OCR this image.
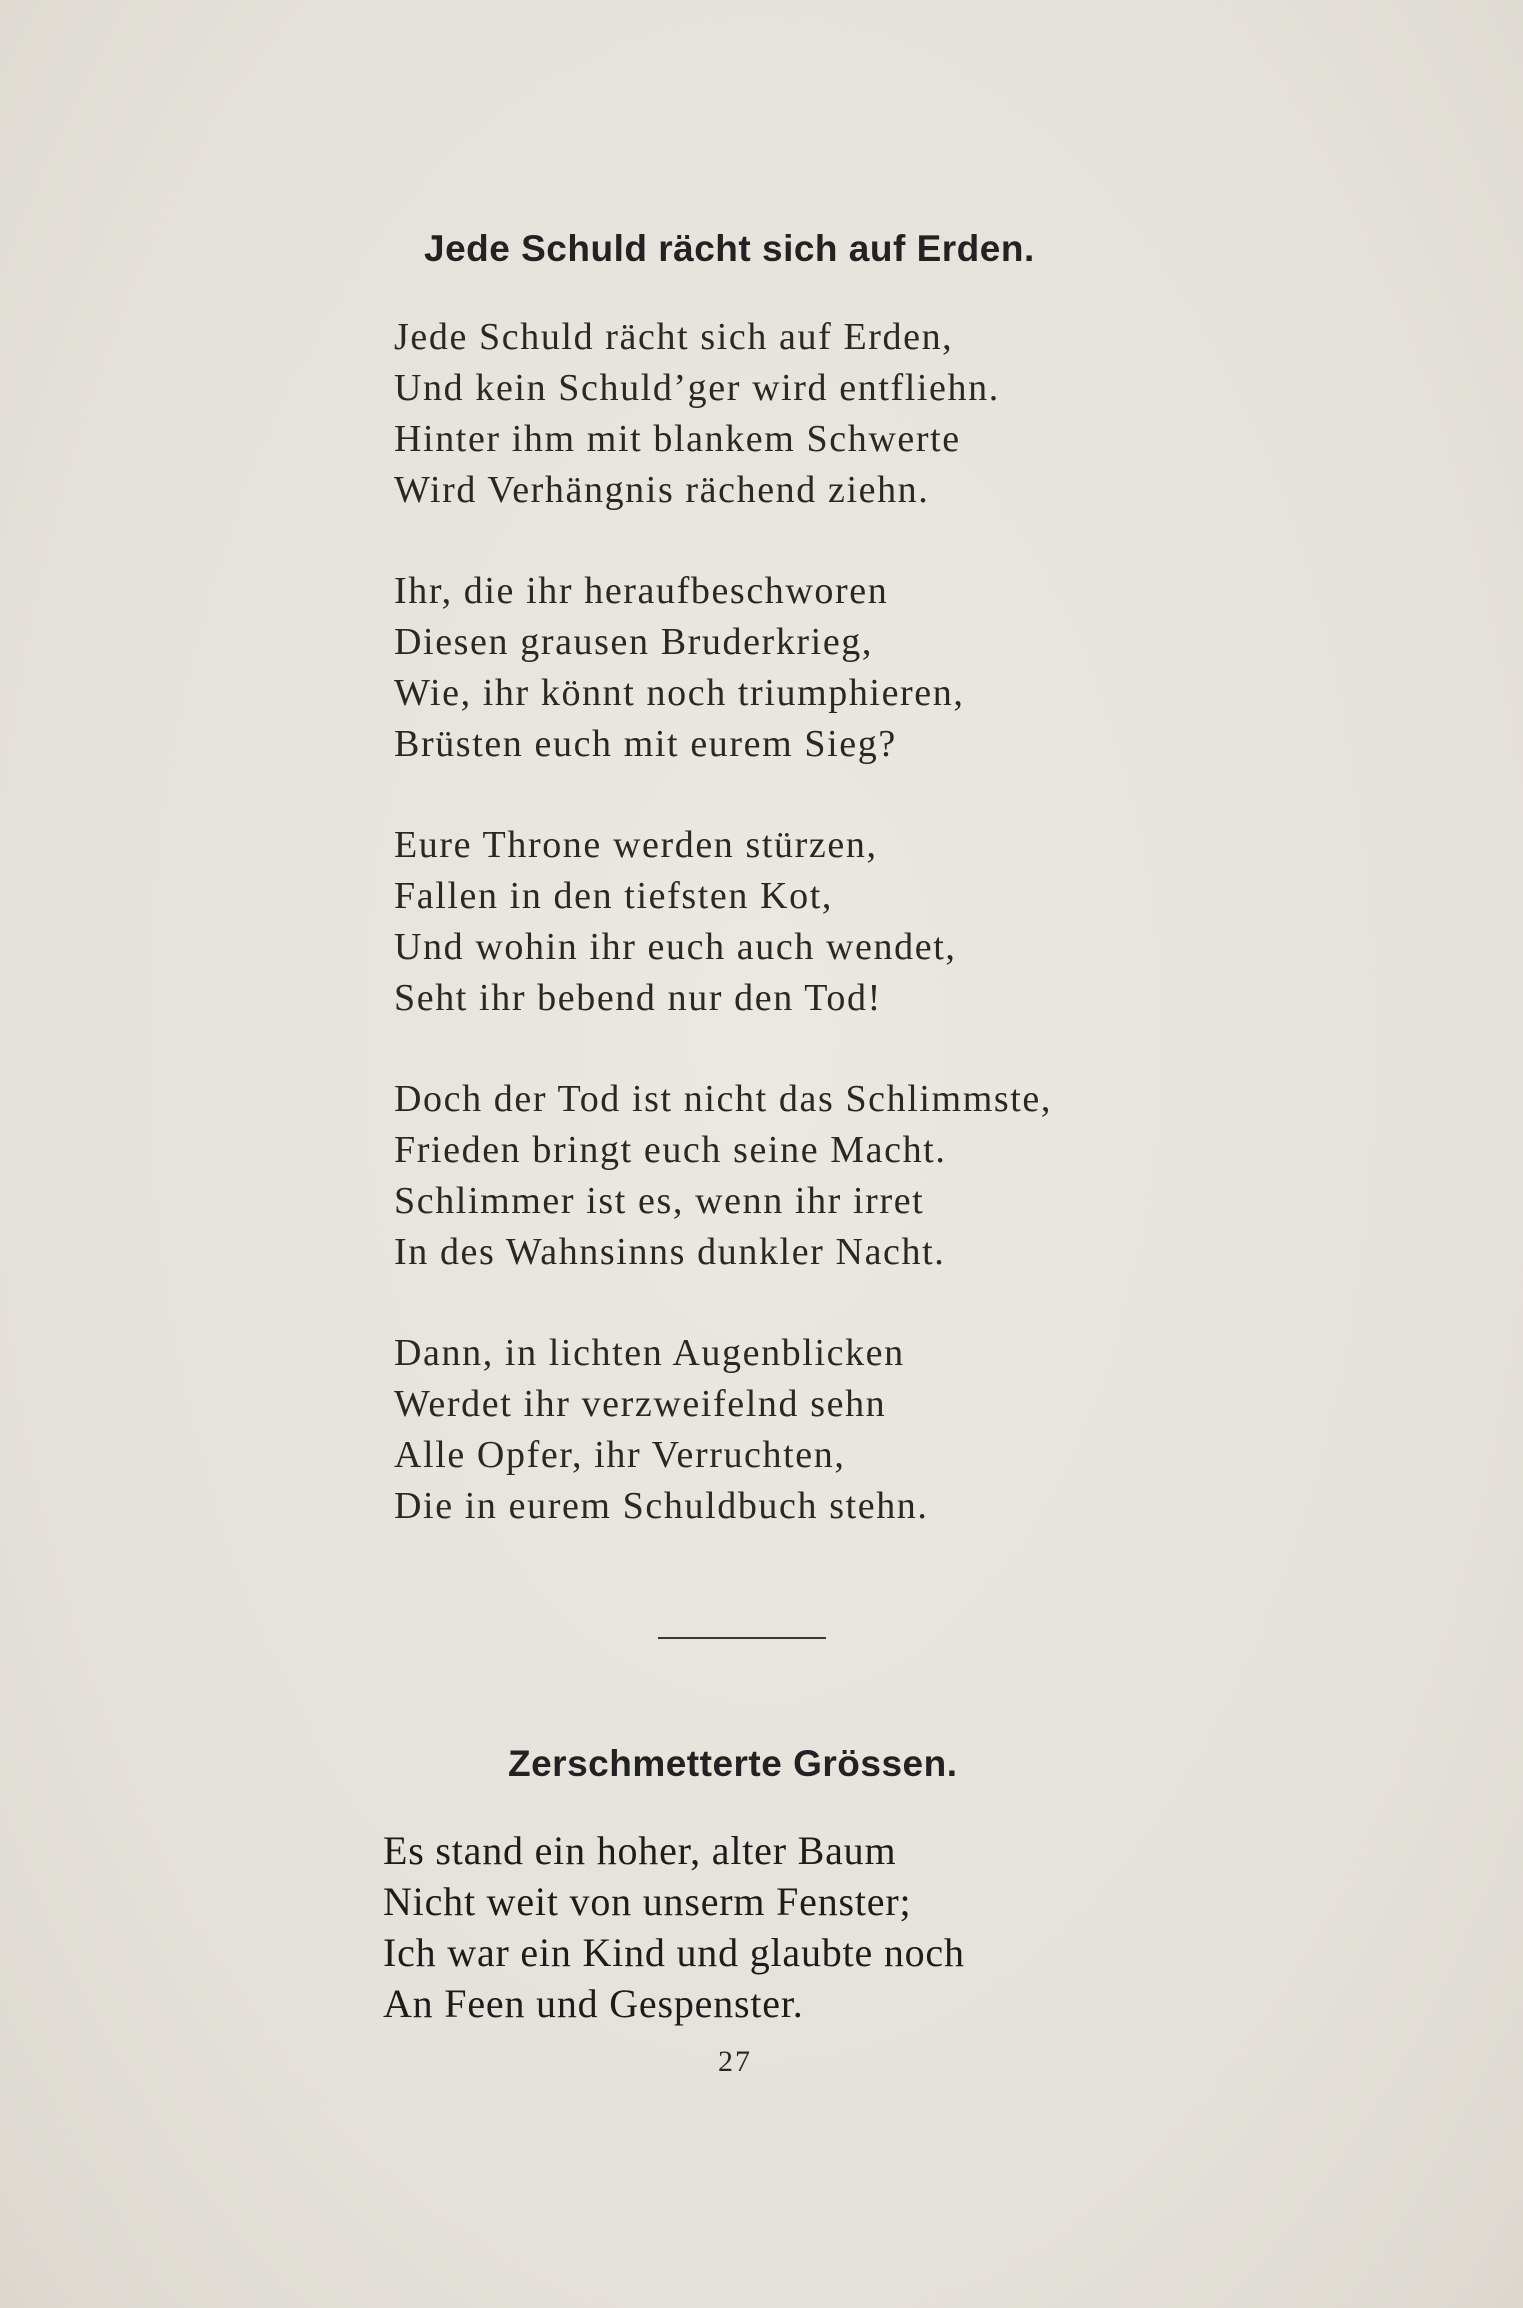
Jede Schuld rächt sich auf Erden.
Jede Schuld rächt sich auf Erden,
Und kein Schuld’ger wird entfliehn.
Hinter ihm mit blankem Schwerte
Wird Verhängnis rächend ziehn.
Ihr, die ihr heraufbeschworen
Diesen grausen Bruderkrieg,
Wie, ihr könnt noch triumphieren,
Brüsten euch mit eurem Sieg?
Eure Throne werden stürzen,
Fallen in den tiefsten Kot,
Und wohin ihr euch auch wendet,
Seht ihr bebend nur den Tod!
Doch der Tod ist nicht das Schlimmste,
Frieden bringt euch seine Macht.
Schlimmer ist es, wenn ihr irret
In des Wahnsinns dunkler Nacht.
Dann, in lichten Augenblicken
Werdet ihr verzweifelnd sehn
Alle Opfer, ihr Verruchten,
Die in eurem Schuldbuch stehn.
Zerschmetterte Grössen.
Es stand ein hoher, alter Baum
Nicht weit von unserm Fenster;
Ich war ein Kind und glaubte noch
An Feen und Gespenster.
27
